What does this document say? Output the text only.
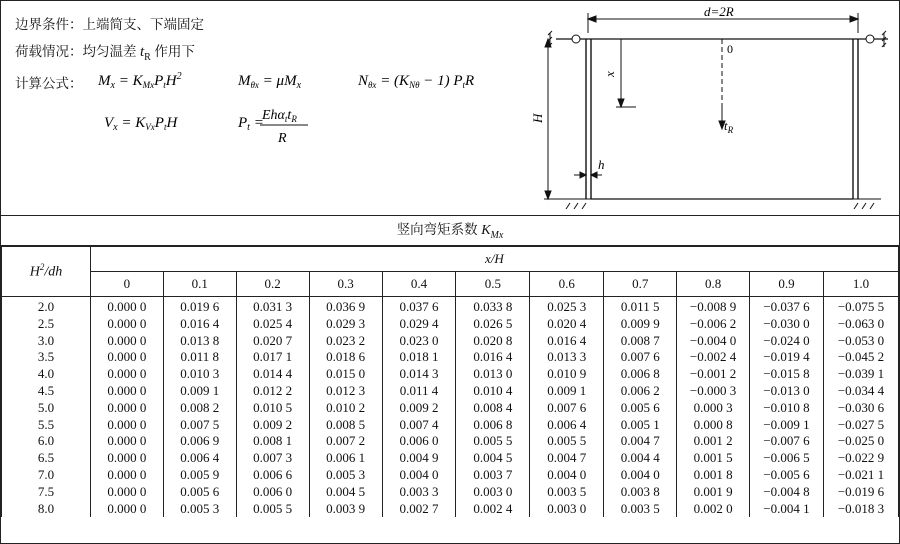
边界条件：上端简支、下端固定
荷载情况：均匀温差 $t_R$ 作用下
计算公式： $M_x = K_{Mx}P_tH^2$	$M_{\theta x} = \mu M_x$	$N_{\theta x} = (K_{N\theta} - 1)$ $P_tR$
$V_x = K_{Vx}P_tH$	$P_t$ =
$Eh\alpha_tt_R$
R
d=2R
0
x
H	$t_R$
h
竖向弯矩系数 $K_{Mx}$
$H^2/dh$	x/H										
	0	0.1	0.2	0.3	0.4	0.5	0.6	0.7	0.8	0.9	1.0
2.0	0.000 0	0.019 6	0.031 3	0.036 9	0.037 6	0.033 8	0.025 3	0.011 5	−0.008 9	−0.037 6	−0.075 5
2.5	0.000 0	0.016 4	0.025 4	0.029 3	0.029 4	0.026 5	0.020 4	0.009 9	−0.006 2	−0.030 0	−0.063 0
3.0	0.000 0	0.013 8	0.020 7	0.023 2	0.023 0	0.020 8	0.016 4	0.008 7	−0.004 0	−0.024 0	−0.053 0
3.5	0.000 0	0.011 8	0.017 1	0.018 6	0.018 1	0.016 4	0.013 3	0.007 6	−0.002 4	−0.019 4	−0.045 2
4.0	0.000 0	0.010 3	0.014 4	0.015 0	0.014 3	0.013 0	0.010 9	0.006 8	−0.001 2	−0.015 8	−0.039 1
4.5	0.000 0	0.009 1	0.012 2	0.012 3	0.011 4	0.010 4	0.009 1	0.006 2	−0.000 3	−0.013 0	−0.034 4
5.0	0.000 0	0.008 2	0.010 5	0.010 2	0.009 2	0.008 4	0.007 6	0.005 6	0.000 3	−0.010 8	−0.030 6
5.5	0.000 0	0.007 5	0.009 2	0.008 5	0.007 4	0.006 8	0.006 4	0.005 1	0.000 8	−0.009 1	−0.027 5
6.0	0.000 0	0.006 9	0.008 1	0.007 2	0.006 0	0.005 5	0.005 5	0.004 7	0.001 2	−0.007 6	−0.025 0
6.5	0.000 0	0.006 4	0.007 3	0.006 1	0.004 9	0.004 5	0.004 7	0.004 4	0.001 5	−0.006 5	−0.022 9
7.0	0.000 0	0.005 9	0.006 6	0.005 3	0.004 0	0.003 7	0.004 0	0.004 0	0.001 8	−0.005 6	−0.021 1
7.5	0.000 0	0.005 6	0.006 0	0.004 5	0.003 3	0.003 0	0.003 5	0.003 8	0.001 9	−0.004 8	−0.019 6
8.0	0.000 0	0.005 3	0.005 5	0.003 9	0.002 7	0.002 4	0.003 0	0.003 5	0.002 0	−0.004 1	−0.018 3
